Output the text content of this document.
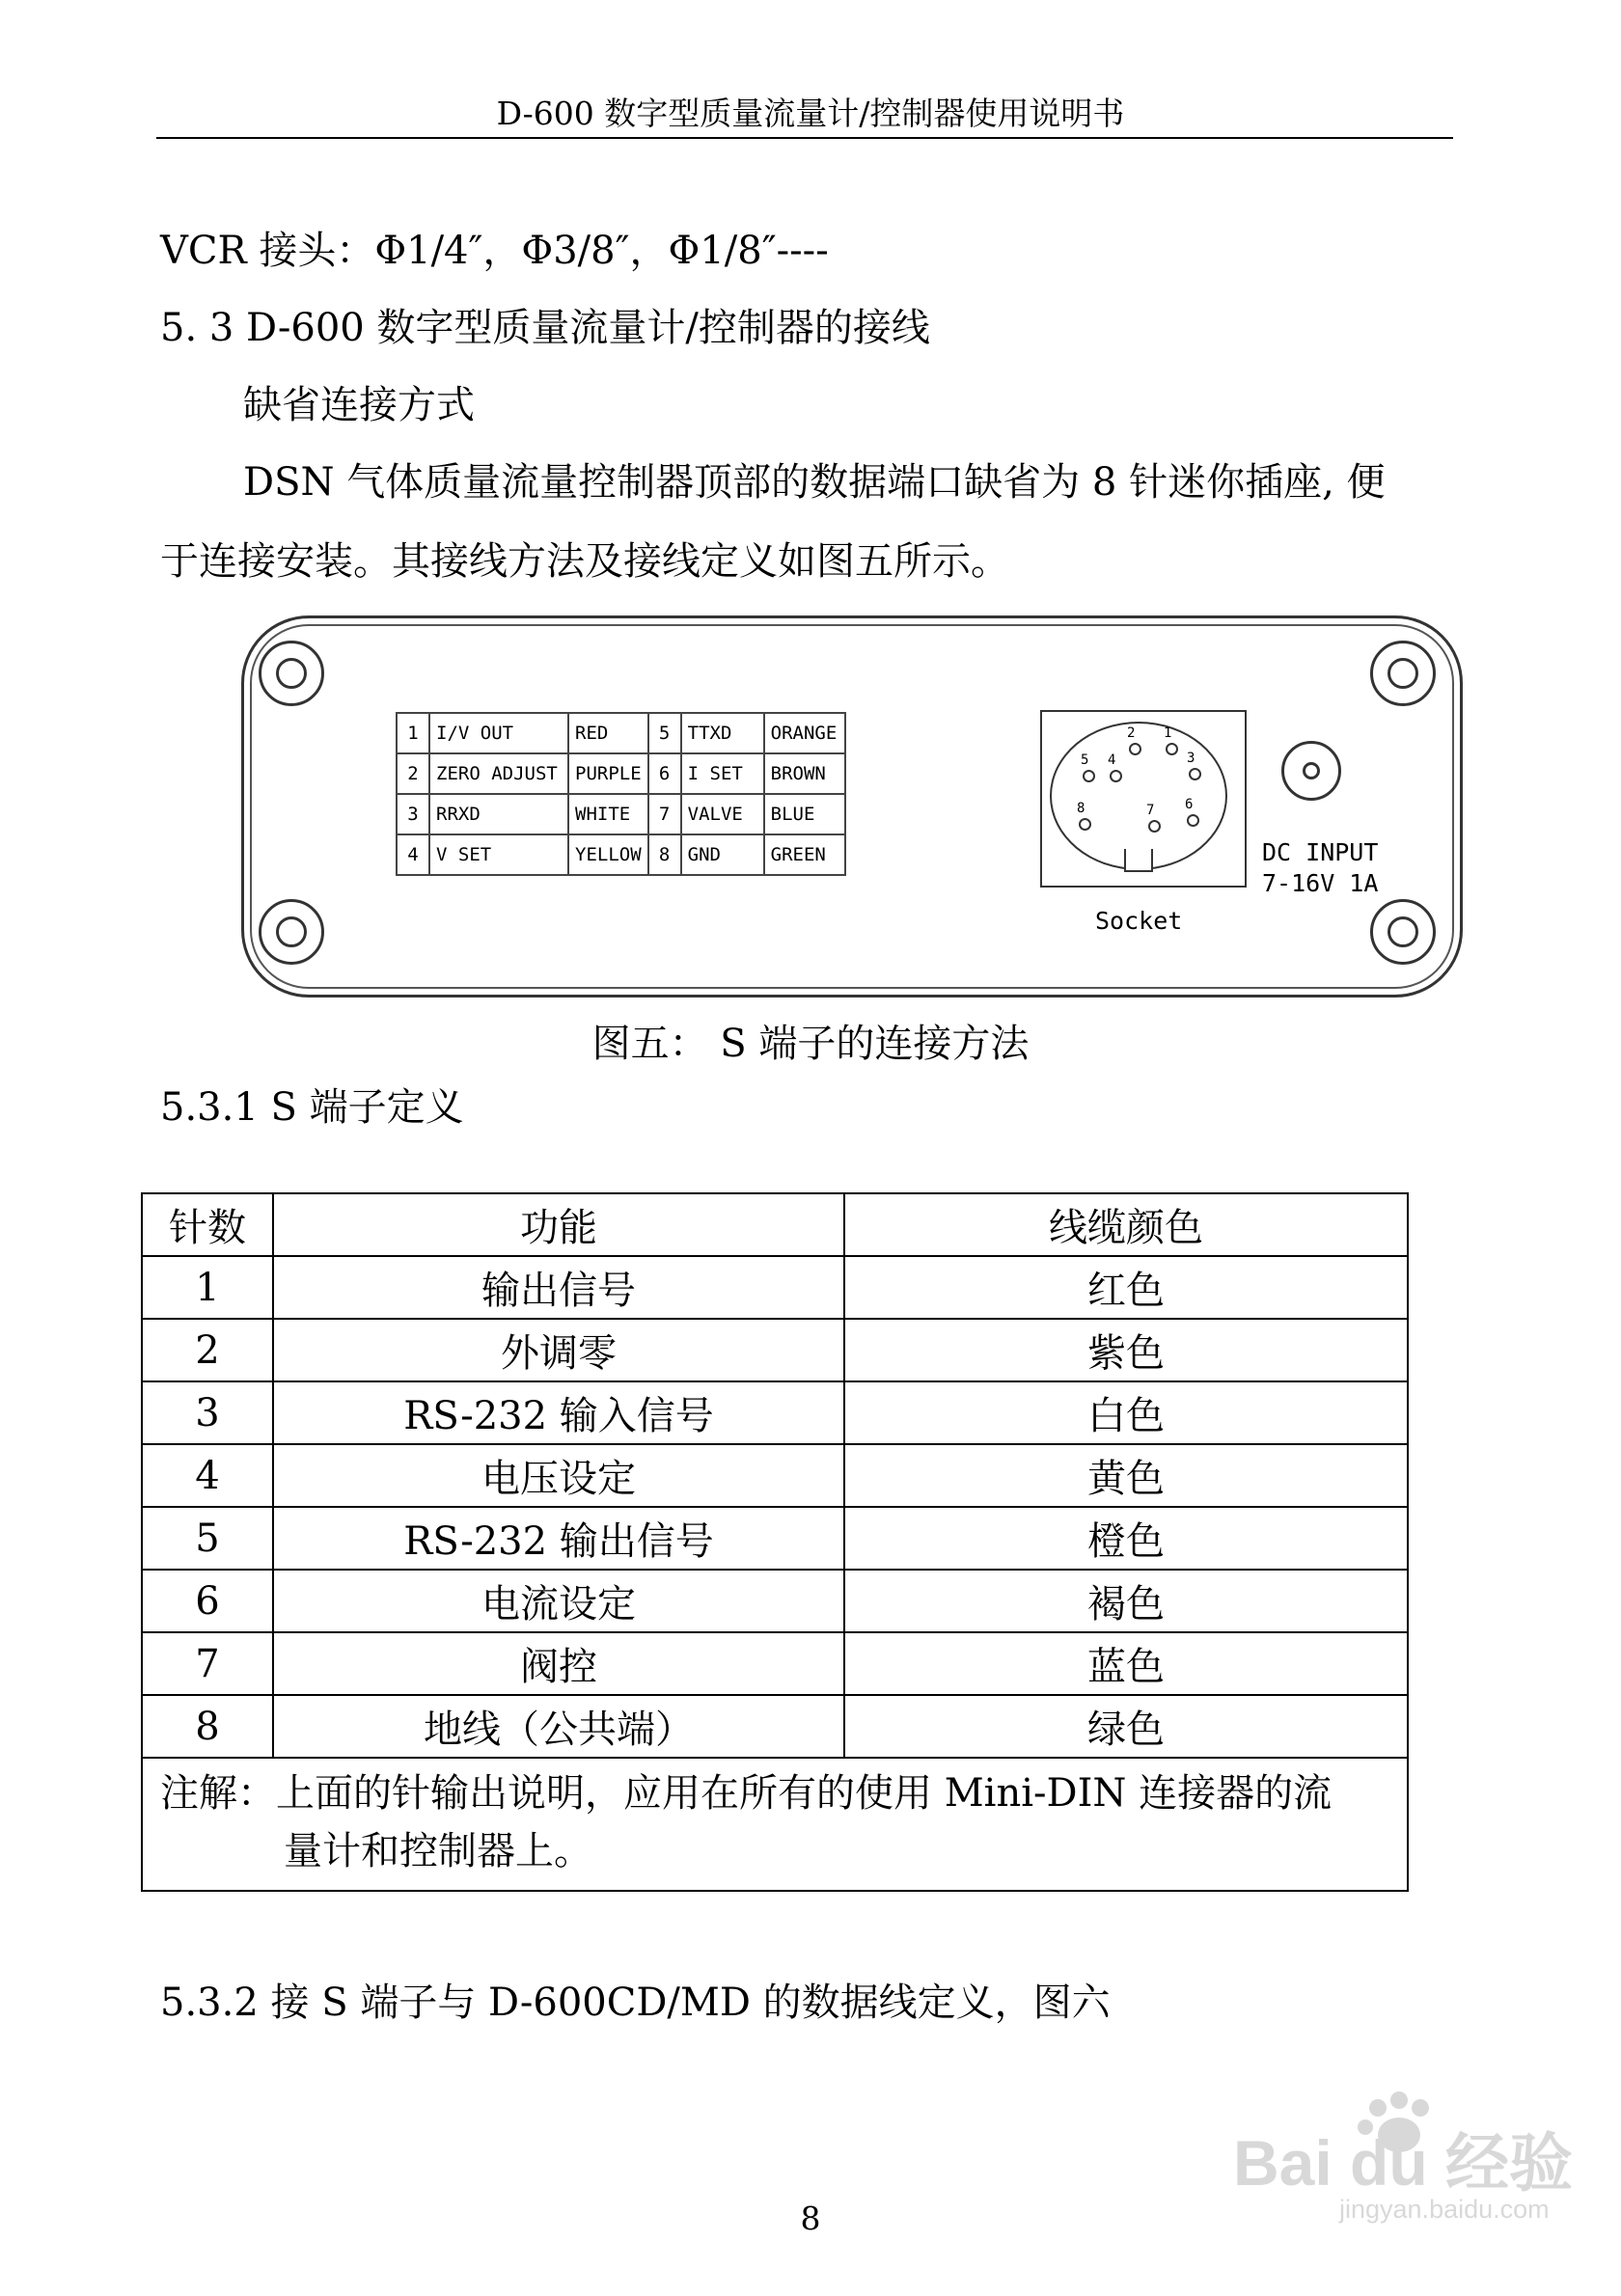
D-600 数字型质量流量计/控制器使用说明书
VCR 接头：Φ1/4″，Φ3/8″，Φ1/8″----
5. 3 D-600 数字型质量流量计/控制器的接线
缺省连接方式
DSN 气体质量流量控制器顶部的数据端口缺省为 8 针迷你插座, 便
于连接安装。其接线方法及接线定义如图五所示。
1	I/V OUT	RED	5	TTXD	ORANGE
2	ZERO ADJUST	PURPLE	6	I SET	BROWN
3	RRXD	WHITE	7	VALVE	BLUE
4	V SET	YELLOW	8	GND	GREEN
1
2
3
4
5
6
7
8
Socket
DC INPUT
7-16V 1A
图五： S 端子的连接方法
5.3.1 S 端子定义
针数	功能	线缆颜色
1	输出信号	红色
2	外调零	紫色
3	RS-232 输入信号	白色
4	电压设定	黄色
5	RS-232 输出信号	橙色
6	电流设定	褐色
7	阀控	蓝色
8	地线（公共端）	绿色
注解：上面的针输出说明，应用在所有的使用 Mini-DIN 连接器的流
量计和控制器上。		
5.3.2 接 S 端子与 D-600CD/MD 的数据线定义，图六
Bai du 经验
jingyan.baidu.com
8
